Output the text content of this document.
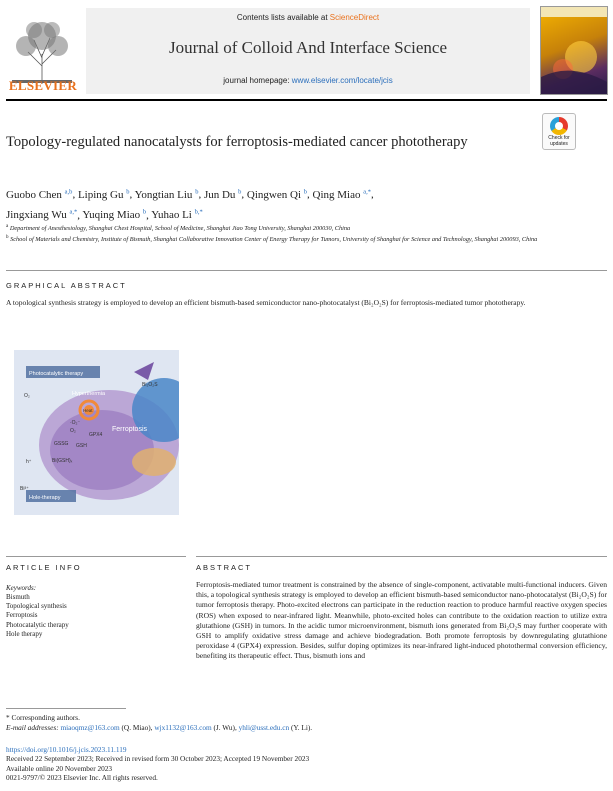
ELSEVIER
Contents lists available at ScienceDirect
Journal of Colloid And Interface Science
journal homepage: www.elsevier.com/locate/jcis
Topology-regulated nanocatalysts for ferroptosis-mediated cancer phototherapy	Check for
updates
Guobo Chen $^{a,b}$, Liping Gu $^b$, Yongtian Liu $^b$, Jun Du $^b$, Qingwen Qi $^b$, Qing Miao $^{a,*}$,
Jingxiang Wu $^{a,*}$, Yuqing Miao $^b$, Yuhao Li $^{b,*}$
$^a$ Department of Anesthesiology, Shanghai Chest Hospital, School of Medicine, Shanghai Jiao Tong University, Shanghai 200030, China
$^b$ School of Materials and Chemistry, Institute of Bismuth, Shanghai Collaborative Innovation Center of Energy Therapy for Tumors, University of Shanghai for Science and Technology, Shanghai 200093, China
GRAPHICAL ABSTRACT
A topological synthesis strategy is employed to develop an efficient bismuth-based semiconductor nano-photocatalyst (Bi₂O₂S) for ferroptosis-mediated tumor phototherapy.
Photocatalytic therapy
Hole-therapy
Hyperthermia
Ferroptosis
Heat
GSSG GSH
GPX4
Bi(GSH)ₓ
Bi₂O₂S
O₂
·O₂⁻
O₂
h⁺
Bi³⁺
ARTICLE INFO	ABSTRACT
Keywords:
Bismuth
Topological synthesis
Ferroptosis
Photocatalytic therapy
Hole therapy
Ferroptosis-mediated tumor treatment is constrained by the absence of single-component, activatable multi-functional inducers. Given this, a topological synthesis strategy is employed to develop an efficient bismuth-based semiconductor nano-photocatalyst (Bi₂O₂S) for tumor ferroptosis therapy. Photo-excited electrons can participate in the reduction reaction to produce harmful reactive oxygen species (ROS) when exposed to near-infrared light. Meanwhile, photo-excited holes can contribute to the oxidation reaction to utilize extra glutathione (GSH) in tumors. In the acidic tumor microenvironment, bismuth ions generated from Bi₂O₂S may further cooperate with GSH to amplify oxidative stress damage and achieve biodegradation. Both promote ferroptosis by downregulating glutathione peroxidase 4 (GPX4) expression. Besides, sulfur doping optimizes its near-infrared light-induced photothermal conversion efficiency, benefiting its therapeutic effect. Thus, bismuth ions and
* Corresponding authors.
E-mail addresses: miaoqmz@163.com (Q. Miao), wjx1132@163.com (J. Wu), yhli@usst.edu.cn (Y. Li).
https://doi.org/10.1016/j.jcis.2023.11.119
Received 22 September 2023; Received in revised form 30 October 2023; Accepted 19 November 2023
Available online 20 November 2023
0021-9797/© 2023 Elsevier Inc. All rights reserved.
